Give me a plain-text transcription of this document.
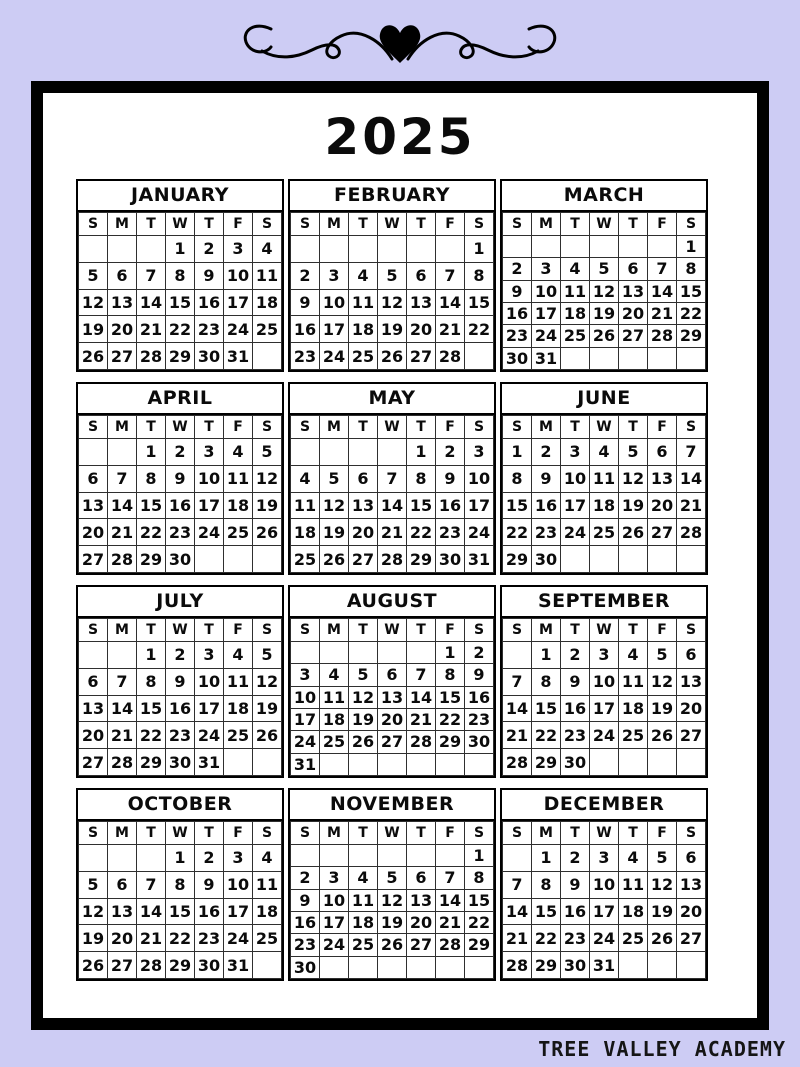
2025
JANUARY
S	M	T	W	T	F	S
			1	2	3	4
5	6	7	8	9	10	11
12	13	14	15	16	17	18
19	20	21	22	23	24	25
26	27	28	29	30	31	
FEBRUARY
S	M	T	W	T	F	S
						1
2	3	4	5	6	7	8
9	10	11	12	13	14	15
16	17	18	19	20	21	22
23	24	25	26	27	28	
MARCH
S	M	T	W	T	F	S
						1
2	3	4	5	6	7	8
9	10	11	12	13	14	15
16	17	18	19	20	21	22
23	24	25	26	27	28	29
30	31					
APRIL
S	M	T	W	T	F	S
		1	2	3	4	5
6	7	8	9	10	11	12
13	14	15	16	17	18	19
20	21	22	23	24	25	26
27	28	29	30			
MAY
S	M	T	W	T	F	S
				1	2	3
4	5	6	7	8	9	10
11	12	13	14	15	16	17
18	19	20	21	22	23	24
25	26	27	28	29	30	31
JUNE
S	M	T	W	T	F	S
1	2	3	4	5	6	7
8	9	10	11	12	13	14
15	16	17	18	19	20	21
22	23	24	25	26	27	28
29	30					
JULY
S	M	T	W	T	F	S
		1	2	3	4	5
6	7	8	9	10	11	12
13	14	15	16	17	18	19
20	21	22	23	24	25	26
27	28	29	30	31		
AUGUST
S	M	T	W	T	F	S
					1	2
3	4	5	6	7	8	9
10	11	12	13	14	15	16
17	18	19	20	21	22	23
24	25	26	27	28	29	30
31						
SEPTEMBER
S	M	T	W	T	F	S
	1	2	3	4	5	6
7	8	9	10	11	12	13
14	15	16	17	18	19	20
21	22	23	24	25	26	27
28	29	30				
OCTOBER
S	M	T	W	T	F	S
			1	2	3	4
5	6	7	8	9	10	11
12	13	14	15	16	17	18
19	20	21	22	23	24	25
26	27	28	29	30	31	
NOVEMBER
S	M	T	W	T	F	S
						1
2	3	4	5	6	7	8
9	10	11	12	13	14	15
16	17	18	19	20	21	22
23	24	25	26	27	28	29
30						
DECEMBER
S	M	T	W	T	F	S
	1	2	3	4	5	6
7	8	9	10	11	12	13
14	15	16	17	18	19	20
21	22	23	24	25	26	27
28	29	30	31			
TREE VALLEY ACADEMY
